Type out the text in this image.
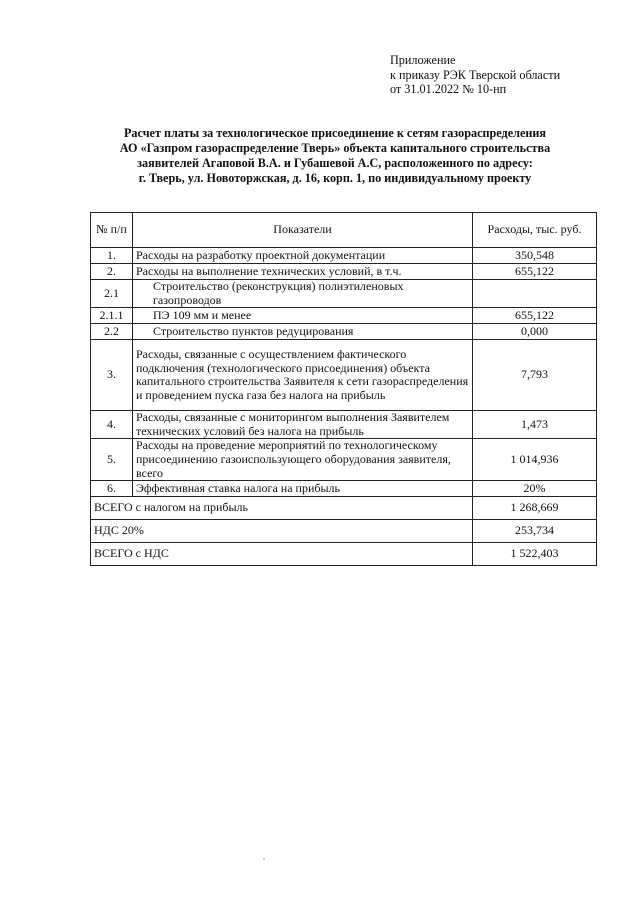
Приложение
к приказу РЭК Тверской области
от 31.01.2022 № 10-нп
Расчет платы за технологическое присоединение к сетям газораспределения
АО «Газпром газораспределение Тверь» объекта капитального строительства
заявителей Агаповой В.А. и Губашевой А.С, расположенного по адресу:
г. Тверь, ул. Новоторжская, д. 16, корп. 1, по индивидуальному проекту
№ п/п	Показатели	Расходы, тыс. руб.
1.	Расходы на разработку проектной документации	350,548
2.	Расходы на выполнение технических условий, в т.ч.	655,122
2.1	Строительство (реконструкция) полиэтиленовых газопроводов	
2.1.1	ПЭ 109 мм и менее	655,122
2.2	Строительство пунктов редуцирования	0,000
3.	Расходы, связанные с осуществлением фактического подключения (технологического присоединения) объекта капитального строительства Заявителя к сети газораспределения и проведением пуска газа без налога на прибыль	7,793
4.	Расходы, связанные с мониторингом выполнения Заявителем технических условий без налога на прибыль	1,473
5.	Расходы на проведение мероприятий по технологическому присоединению газоиспользующего оборудования заявителя, всего	1 014,936
6.	Эффективная ставка налога на прибыль	20%
ВСЕГО с налогом на прибыль		1 268,669
НДС 20%		253,734
ВСЕГО с НДС		1 522,403
